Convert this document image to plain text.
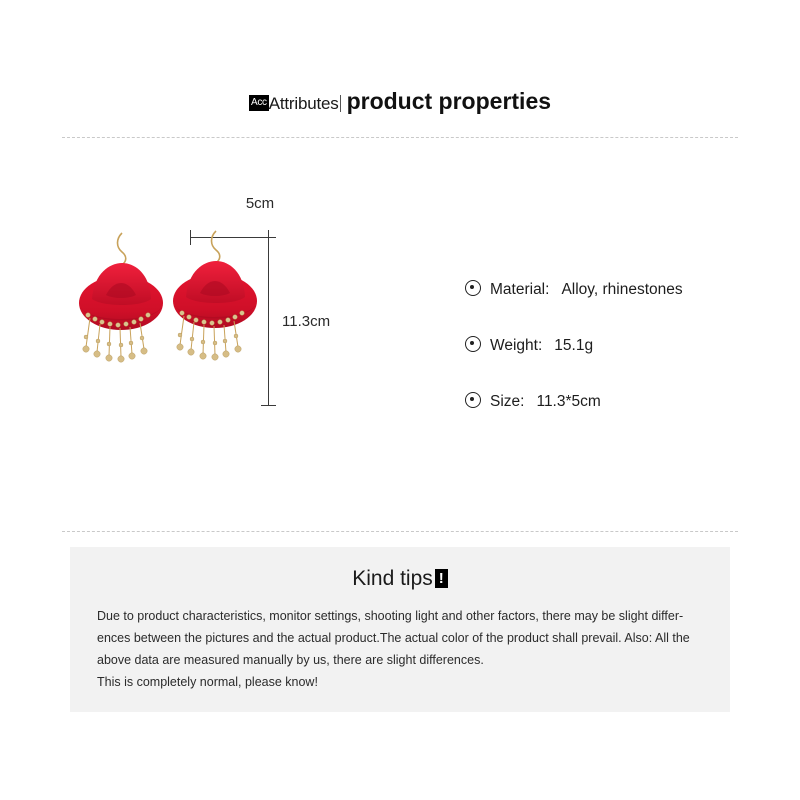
Acc Attributes product properties
5cm
11.3cm
Material: Alloy, rhinestones
Weight: 15.1g
Size: 11.3*5cm
Kind tips !

Due to product characteristics, monitor settings, shooting light and other factors, there may be slight differ-

ences between the pictures and the actual product.The actual color of the product shall prevail. Also: All the

above data are measured manually by us, there are slight differences.

This is completely normal, please know!
